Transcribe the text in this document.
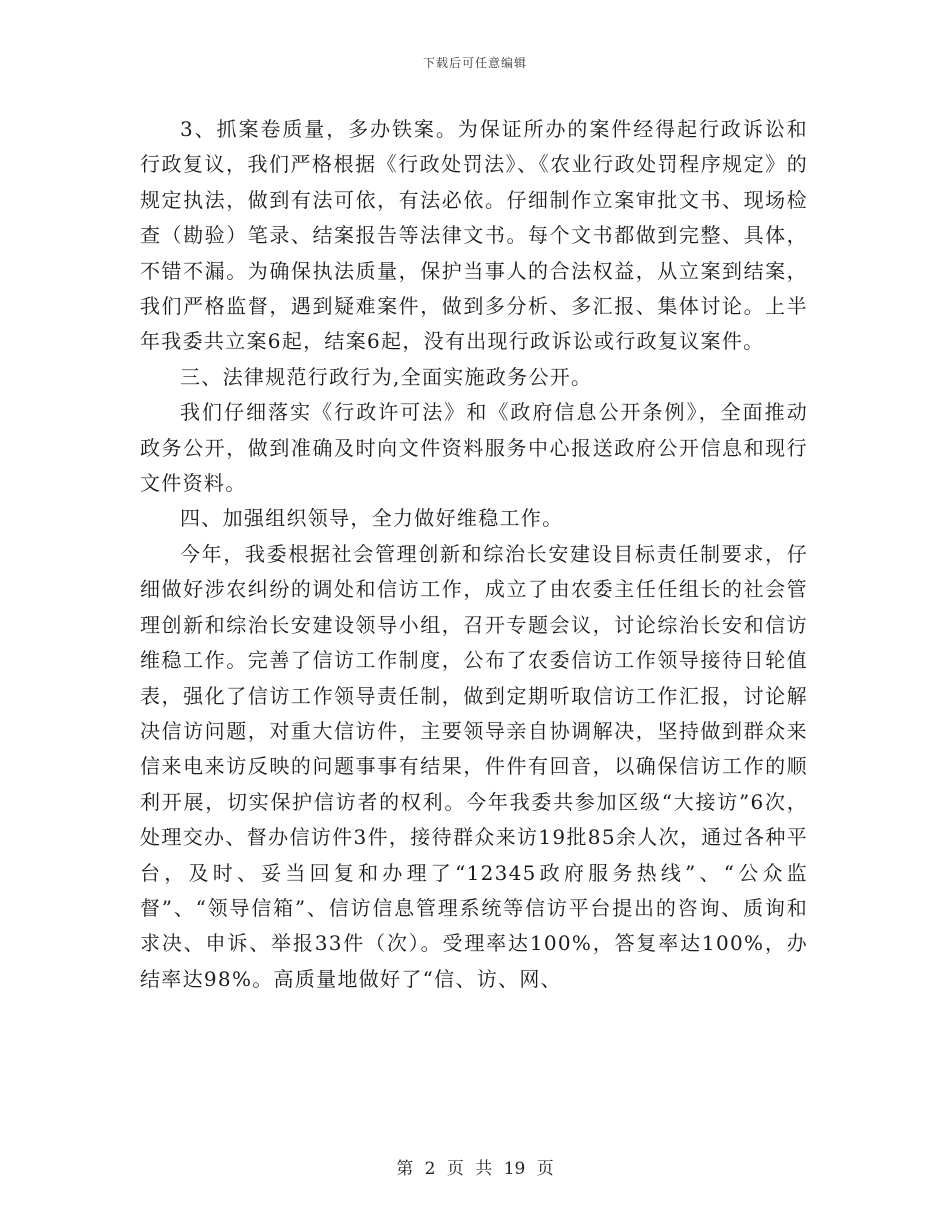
下载后可任意编辑

3、抓案卷质量，多办铁案。为保证所办的案件经得起行政诉讼和行政复议，我们严格根据《行政处罚法》、《农业行政处罚程序规定》的规定执法，做到有法可依，有法必依。仔细制作立案审批文书、现场检查（勘验）笔录、结案报告等法律文书。每个文书都做到完整、具体，不错不漏。为确保执法质量，保护当事人的合法权益，从立案到结案，我们严格监督，遇到疑难案件，做到多分析、多汇报、集体讨论。上半年我委共立案6起，结案6起，没有出现行政诉讼或行政复议案件。

三、法律规范行政行为,全面实施政务公开。

我们仔细落实《行政许可法》和《政府信息公开条例》，全面推动政务公开，做到准确及时向文件资料服务中心报送政府公开信息和现行文件资料。

四、加强组织领导，全力做好维稳工作。

今年，我委根据社会管理创新和综治长安建设目标责任制要求，仔细做好涉农纠纷的调处和信访工作，成立了由农委主任任组长的社会管理创新和综治长安建设领导小组，召开专题会议，讨论综治长安和信访维稳工作。完善了信访工作制度，公布了农委信访工作领导接待日轮值表，强化了信访工作领导责任制，做到定期听取信访工作汇报，讨论解决信访问题，对重大信访件，主要领导亲自协调解决，坚持做到群众来信来电来访反映的问题事事有结果，件件有回音，以确保信访工作的顺利开展，切实保护信访者的权利。今年我委共参加区级“大接访”6次，处理交办、督办信访件3件，接待群众来访19批85余人次，通过各种平台，及时、妥当回复和办理了“12345政府服务热线”、“公众监督”、“领导信箱”、信访信息管理系统等信访平台提出的咨询、质询和求决、申诉、举报33件（次）。受理率达100%，答复率达100%，办结率达98%。高质量地做好了“信、访、网、

第 2 页 共 19 页
